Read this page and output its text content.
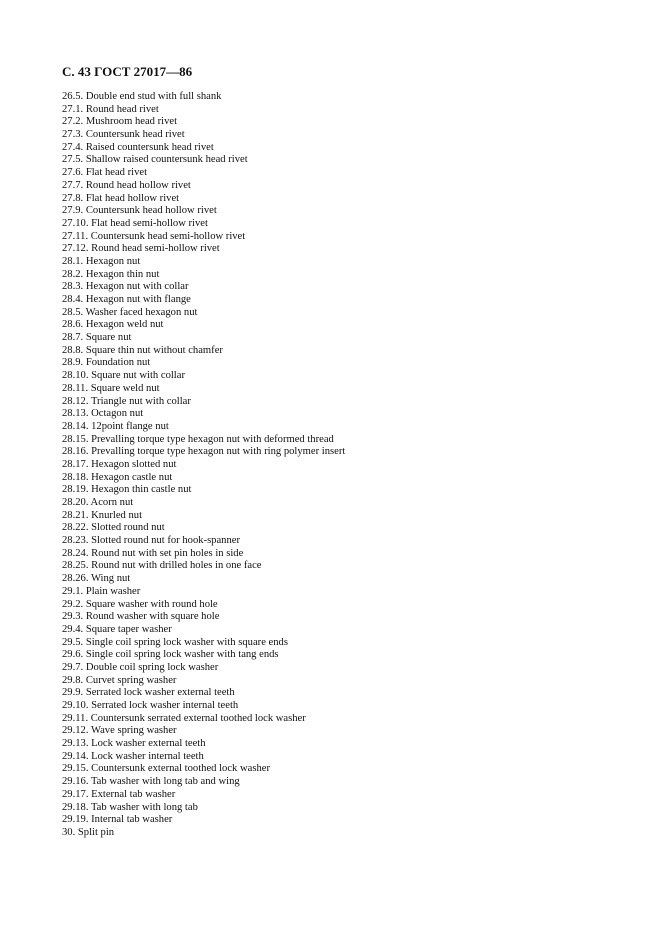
С. 43 ГОСТ 27017—86
26.5. Double end stud with full shank
27.1. Round head rivet
27.2. Mushroom head rivet
27.3. Countersunk head rivet
27.4. Raised countersunk head rivet
27.5. Shallow raised countersunk head rivet
27.6. Flat head rivet
27.7. Round head hollow rivet
27.8. Flat head hollow rivet
27.9. Countersunk head hollow rivet
27.10. Flat head semi-hollow rivet
27.11. Countersunk head semi-hollow rivet
27.12. Round head semi-hollow rivet
28.1. Hexagon nut
28.2. Hexagon thin nut
28.3. Hexagon nut with collar
28.4. Hexagon nut with flange
28.5. Washer faced hexagon nut
28.6. Hexagon weld nut
28.7. Square nut
28.8. Square thin nut without chamfer
28.9. Foundation nut
28.10. Square nut with collar
28.11. Square weld nut
28.12. Triangle nut with collar
28.13. Octagon nut
28.14. 12point flange nut
28.15. Prevalling torque type hexagon nut with deformed thread
28.16. Prevalling torque type hexagon nut with ring polymer insert
28.17. Hexagon slotted nut
28.18. Hexagon castle nut
28.19. Hexagon thin castle nut
28.20. Acorn nut
28.21. Knurled nut
28.22. Slotted round nut
28.23. Slotted round nut for hook-spanner
28.24. Round nut with set pin holes in side
28.25. Round nut with drilled holes in one face
28.26. Wing nut
29.1. Plain washer
29.2. Square washer with round hole
29.3. Round washer with square hole
29.4. Square taper washer
29.5. Single coil spring lock washer with square ends
29.6. Single coil spring lock washer with tang ends
29.7. Double coil spring lock washer
29.8. Curvet spring washer
29.9. Serrated lock washer external teeth
29.10. Serrated lock washer internal teeth
29.11. Countersunk serrated external toothed lock washer
29.12. Wave spring washer
29.13. Lock washer external teeth
29.14. Lock washer internal teeth
29.15. Countersunk external toothed lock washer
29.16. Tab washer with long tab and wing
29.17. External tab washer
29.18. Tab washer with long tab
29.19. Internal tab washer
30. Split pin
